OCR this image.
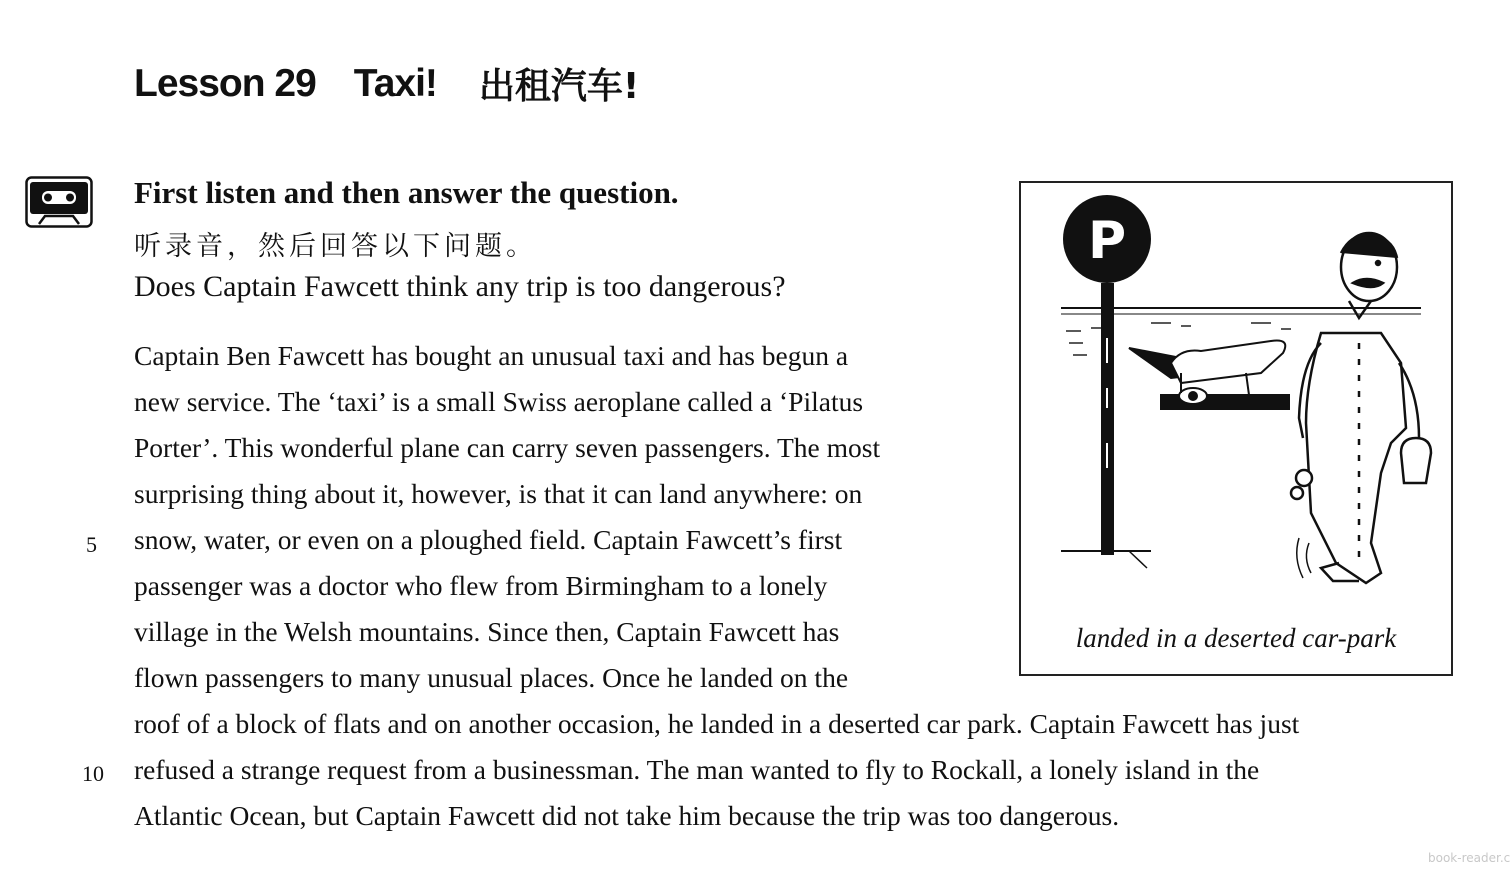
Lesson 29 Taxi! 出租汽车!
First listen and then answer the question.
听录音，然后回答以下问题。
Does Captain Fawcett think any trip is too dangerous?
Captain Ben Fawcett has bought an unusual taxi and has begun a
new service. The ‘taxi’ is a small Swiss aeroplane called a ‘Pilatus
Porter’. This wonderful plane can carry seven passengers. The most
surprising thing about it, however, is that it can land anywhere: on
5 snow, water, or even on a ploughed field. Captain Fawcett’s first
passenger was a doctor who flew from Birmingham to a lonely
village in the Welsh mountains. Since then, Captain Fawcett has
flown passengers to many unusual places. Once he landed on the
roof of a block of flats and on another occasion, he landed in a deserted car park. Captain Fawcett has just
10 refused a strange request from a businessman. The man wanted to fly to Rockall, a lonely island in the
Atlantic Ocean, but Captain Fawcett did not take him because the trip was too dangerous.
P
landed in a deserted car-park
book-reader.c
